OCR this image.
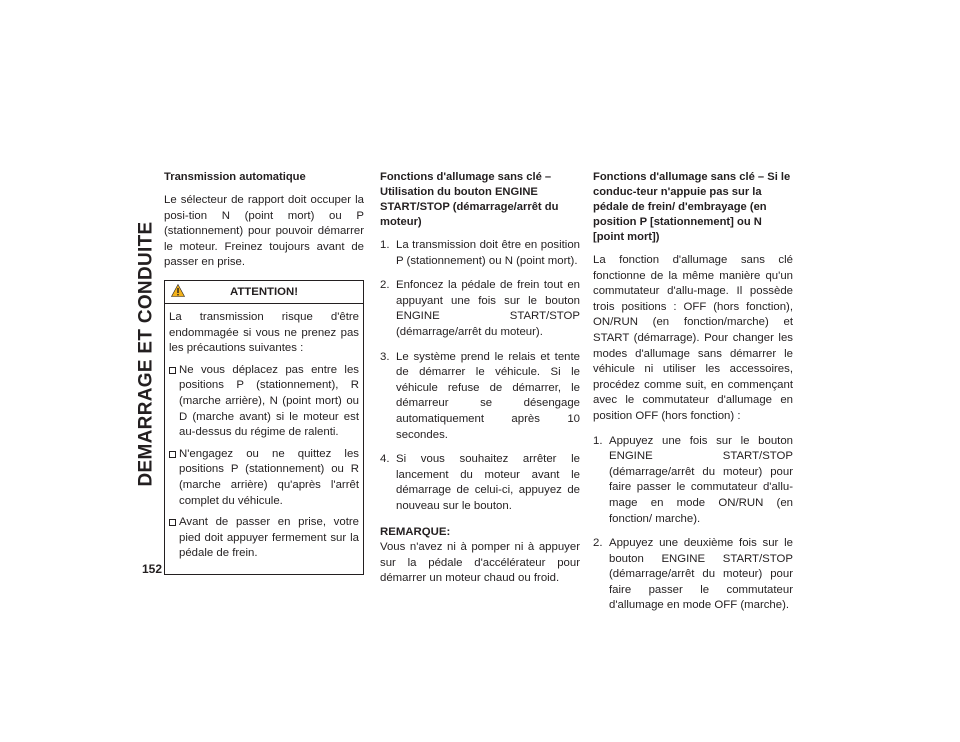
DEMARRAGE ET CONDUITE
152
Transmission automatique

Le sélecteur de rapport doit occuper la posi-tion N (point mort) ou P (stationnement) pour pouvoir démarrer le moteur. Freinez toujours avant de passer en prise.

ATTENTION!

La transmission risque d'être endommagée si vous ne prenez pas les précautions suivantes :

Ne vous déplacez pas entre les positions P (stationnement), R (marche arrière), N (point mort) ou D (marche avant) si le moteur est au-dessus du régime de ralenti.
N'engagez ou ne quittez les positions P (stationnement) ou R (marche arrière) qu'après l'arrêt complet du véhicule.
Avant de passer en prise, votre pied doit appuyer fermement sur la pédale de frein.
Fonctions d'allumage sans clé – Utilisation du bouton ENGINE START/STOP (démarrage/arrêt du moteur)
1. La transmission doit être en position P (stationnement) ou N (point mort).
2. Enfoncez la pédale de frein tout en appuyant une fois sur le bouton ENGINE START/STOP (démarrage/arrêt du moteur).
3. Le système prend le relais et tente de démarrer le véhicule. Si le véhicule refuse de démarrer, le démarreur se désengage automatiquement après 10 secondes.
4. Si vous souhaitez arrêter le lancement du moteur avant le démarrage de celui-ci, appuyez de nouveau sur le bouton.

REMARQUE:
Vous n'avez ni à pomper ni à appuyer sur la pédale d'accélérateur pour démarrer un moteur chaud ou froid.

Fonctions d'allumage sans clé – Si le conduc-teur n'appuie pas sur la pédale de frein/ d'embrayage (en position P [stationnement] ou N [point mort])

La fonction d'allumage sans clé fonctionne de la même manière qu'un commutateur d'allu-mage. Il possède trois positions : OFF (hors fonction), ON/RUN (en fonction/marche) et START (démarrage). Pour changer les modes d'allumage sans démarrer le véhicule ni utiliser les accessoires, procédez comme suit, en commençant avec le commutateur d'allumage en position OFF (hors fonction) :

1. Appuyez une fois sur le bouton ENGINE START/STOP (démarrage/arrêt du moteur) pour faire passer le commutateur d'allu-mage en mode ON/RUN (en fonction/ marche).
2. Appuyez une deuxième fois sur le bouton ENGINE START/STOP (démarrage/arrêt du moteur) pour faire passer le commutateur d'allumage en mode OFF (marche).
